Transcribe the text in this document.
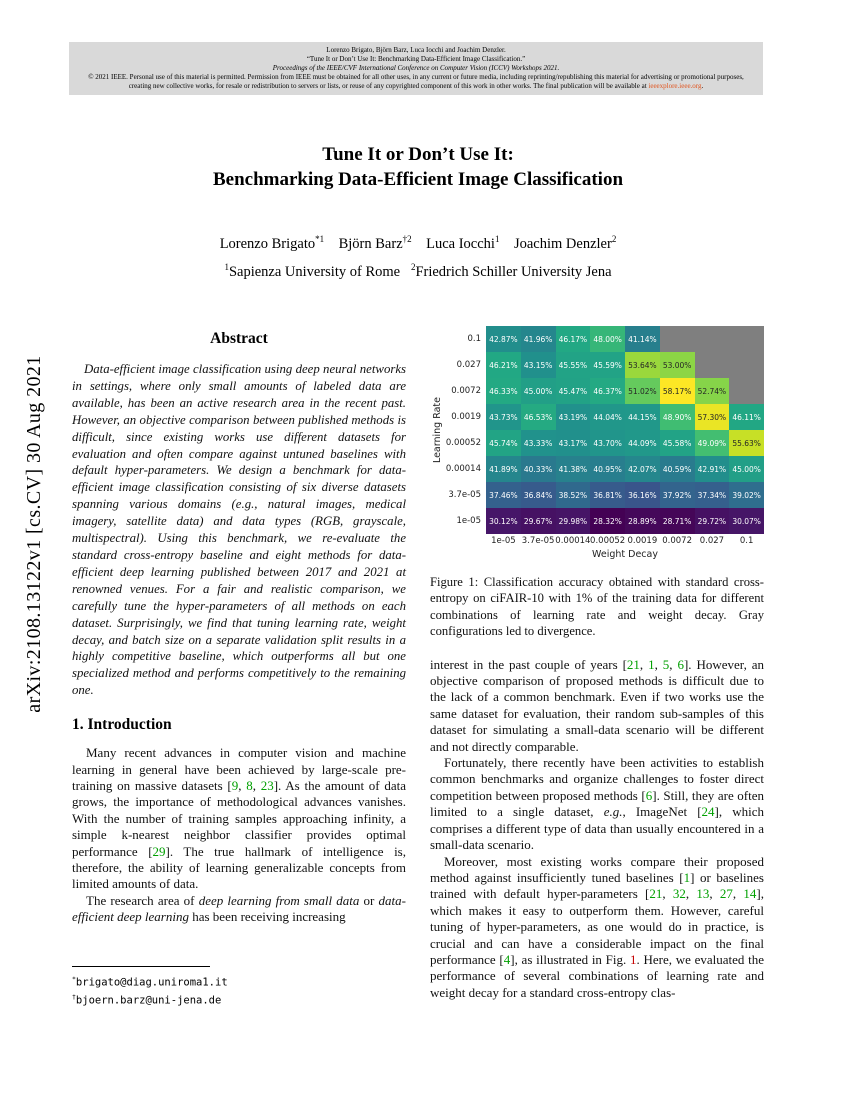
Lorenzo Brigato, Björn Barz, Luca Iocchi and Joachim Denzler.
“Tune It or Don’t Use It: Benchmarking Data-Efficient Image Classification.”
Proceedings of the IEEE/CVF International Conference on Computer Vision (ICCV) Workshops 2021.
© 2021 IEEE. Personal use of this material is permitted. Permission from IEEE must be obtained for all other uses, in any current or future media, including reprinting/republishing this material for advertising or promotional purposes, creating new collective works, for resale or redistribution to servers or lists, or reuse of any copyrighted component of this work in other works. The final publication will be available at ieeexplore.ieee.org.
arXiv:2108.13122v1 [cs.CV] 30 Aug 2021
Tune It or Don’t Use It:
Benchmarking Data-Efficient Image Classification
Lorenzo Brigato$^{*1}$    Björn Barz$^{\dagger 2}$    Luca Iocchi$^1$    Joachim Denzler$^2$
$^1$Sapienza University of Rome   $^2$Friedrich Schiller University Jena
Abstract

Data-efficient image classification using deep neural networks in settings, where only small amounts of labeled data are available, has been an active research area in the recent past. However, an objective comparison between published methods is difficult, since existing works use different datasets for evaluation and often compare against untuned baselines with default hyper-parameters. We design a benchmark for data-efficient image classification consisting of six diverse datasets spanning various domains (e.g., natural images, medical imagery, satellite data) and data types (RGB, grayscale, multispectral). Using this benchmark, we re-evaluate the standard cross-entropy baseline and eight methods for data-efficient deep learning published between 2017 and 2021 at renowned venues. For a fair and realistic comparison, we carefully tune the hyper-parameters of all methods on each dataset. Surprisingly, we find that tuning learning rate, weight decay, and batch size on a separate validation split results in a highly competitive baseline, which outperforms all but one specialized method and performs competitively to the remaining one.

1. Introduction

Many recent advances in computer vision and machine learning in general have been achieved by large-scale pre-training on massive datasets [9, 8, 23]. As the amount of data grows, the importance of methodological advances vanishes. With the number of training samples approaching infinity, a simple k-nearest neighbor classifier provides optimal performance [29]. The true hallmark of intelligence is, therefore, the ability of learning generalizable concepts from limited amounts of data.

The research area of deep learning from small data or data-efficient deep learning has been receiving increasing

*brigato@diag.uniroma1.it
†bjoern.barz@uni-jena.de
Learning Rate
0.1	42.87% 41.96% 46.17% 48.00% 41.14%
0.027	46.21% 43.15% 45.55% 45.59% 53.64% 53.00%
0.0072	46.33% 45.00% 45.47% 46.37% 51.02% 58.17% 52.74%
0.0019	43.73% 46.53% 43.19% 44.04% 44.15% 48.90% 57.30% 46.11%
0.00052	45.74% 43.33% 43.17% 43.70% 44.09% 45.58% 49.09% 55.63%
0.00014	41.89% 40.33% 41.38% 40.95% 42.07% 40.59% 42.91% 45.00%
3.7e-05	37.46% 36.84% 38.52% 36.81% 36.16% 37.92% 37.34% 39.02%
1e-05	30.12% 29.67% 29.98% 28.32% 28.89% 28.71% 29.72% 30.07%
1e-05 3.7e-05 0.00014 0.00052 0.0019 0.0072 0.027	0.1
Weight Decay

Figure 1: Classification accuracy obtained with standard cross-entropy on ciFAIR-10 with 1% of the training data for different combinations of learning rate and weight decay. Gray configurations led to divergence.

interest in the past couple of years [21, 1, 5, 6]. However, an objective comparison of proposed methods is difficult due to the lack of a common benchmark. Even if two works use the same dataset for evaluation, their random sub-samples of this dataset for simulating a small-data scenario will be different and not directly comparable.

Fortunately, there recently have been activities to establish common benchmarks and organize challenges to foster direct competition between proposed methods [6]. Still, they are often limited to a single dataset, e.g., ImageNet [24], which comprises a different type of data than usually encountered in a small-data scenario.

Moreover, most existing works compare their proposed method against insufficiently tuned baselines [1] or baselines trained with default hyper-parameters [21, 32, 13, 27, 14], which makes it easy to outperform them. However, careful tuning of hyper-parameters, as one would do in practice, is crucial and can have a considerable impact on the final performance [4], as illustrated in Fig. 1. Here, we evaluated the performance of several combinations of learning rate and weight decay for a standard cross-entropy clas-
